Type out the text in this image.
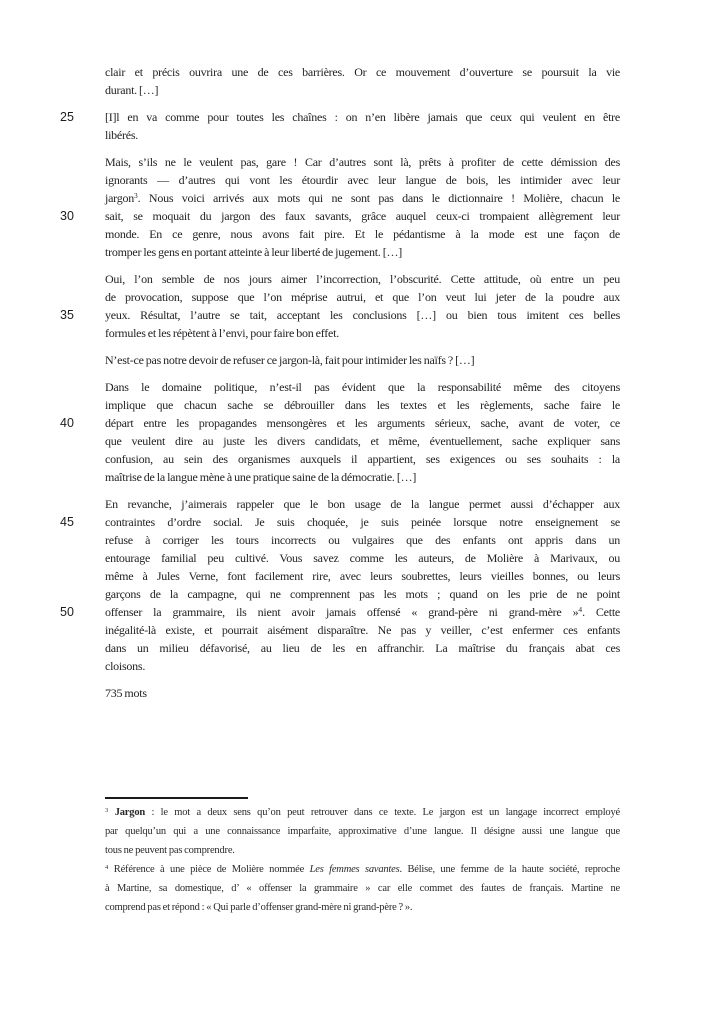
clair et précis ouvrira une de ces barrières. Or ce mouvement d’ouverture se poursuit la vie
durant. […]
25	[I]l en va comme pour toutes les chaînes : on n’en libère jamais que ceux qui veulent en être
libérés.
Mais, s’ils ne le veulent pas, gare ! Car d’autres sont là, prêts à profiter de cette démission des
ignorants — d’autres qui vont les étourdir avec leur langue de bois, les intimider avec leur
jargon$^3$. Nous voici arrivés aux mots qui ne sont pas dans le dictionnaire ! Molière, chacun le
30	sait, se moquait du jargon des faux savants, grâce auquel ceux-ci trompaient allègrement leur
monde. En ce genre, nous avons fait pire. Et le pédantisme à la mode est une façon de
tromper les gens en portant atteinte à leur liberté de jugement. […]
Oui, l’on semble de nos jours aimer l’incorrection, l’obscurité. Cette attitude, où entre un peu
de provocation, suppose que l’on méprise autrui, et que l’on veut lui jeter de la poudre aux
35	yeux. Résultat, l’autre se tait, acceptant les conclusions […] ou bien tous imitent ces belles
formules et les répètent à l’envi, pour faire bon effet.
N’est-ce pas notre devoir de refuser ce jargon-là, fait pour intimider les naïfs ? […]
Dans le domaine politique, n’est-il pas évident que la responsabilité même des citoyens
implique que chacun sache se débrouiller dans les textes et les règlements, sache faire le
40	départ entre les propagandes mensongères et les arguments sérieux, sache, avant de voter, ce
que veulent dire au juste les divers candidats, et même, éventuellement, sache expliquer sans
confusion, au sein des organismes auxquels il appartient, ses exigences ou ses souhaits : la
maîtrise de la langue mène à une pratique saine de la démocratie. […]
En revanche, j’aimerais rappeler que le bon usage de la langue permet aussi d’échapper aux
45	contraintes d’ordre social. Je suis choquée, je suis peinée lorsque notre enseignement se
refuse à corriger les tours incorrects ou vulgaires que des enfants ont appris dans un
entourage familial peu cultivé. Vous savez comme les auteurs, de Molière à Marivaux, ou
même à Jules Verne, font facilement rire, avec leurs soubrettes, leurs vieilles bonnes, ou leurs
garçons de la campagne, qui ne comprennent pas les mots ; quand on les prie de ne point
50	offenser la grammaire, ils nient avoir jamais offensé « grand-père ni grand-mère »$^4$. Cette
inégalité-là existe, et pourrait aisément disparaître. Ne pas y veiller, c’est enfermer ces enfants
dans un milieu défavorisé, au lieu de les en affranchir. La maîtrise du français abat ces
cloisons.
735 mots
$^3$ Jargon : le mot a deux sens qu’on peut retrouver dans ce texte. Le jargon est un langage incorrect employé
par quelqu’un qui a une connaissance imparfaite, approximative d’une langue. Il désigne aussi une langue que
tous ne peuvent pas comprendre.
$^4$ Référence à une pièce de Molière nommée Les femmes savantes. Bélise, une femme de la haute société, reproche
à Martine, sa domestique, d’ « offenser la grammaire » car elle commet des fautes de français. Martine ne
comprend pas et répond : « Qui parle d’offenser grand-mère ni grand-père ? ».
